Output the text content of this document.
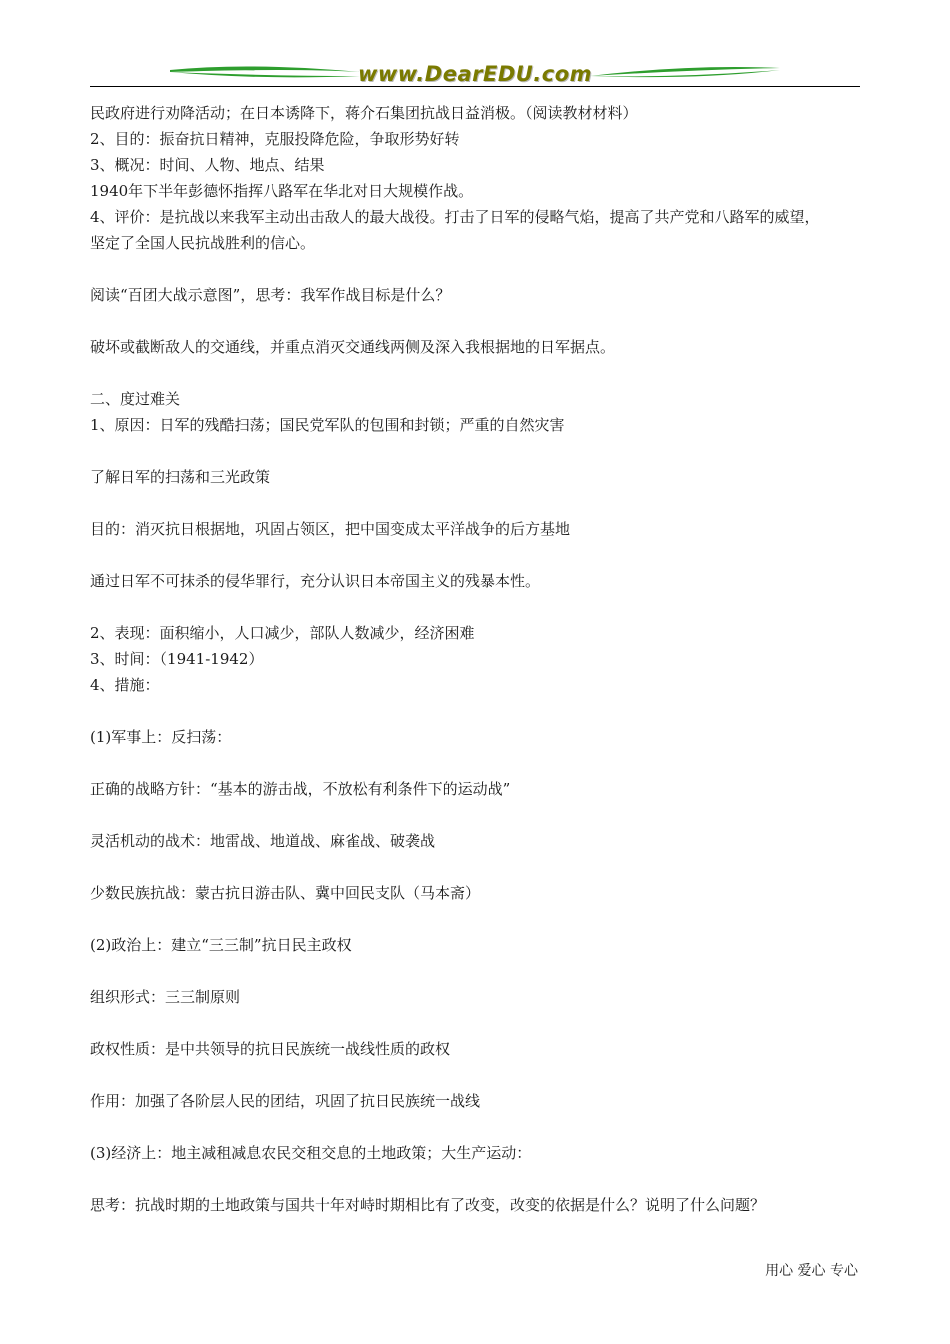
www.DearEDU.com
民政府进行劝降活动；在日本诱降下，蒋介石集团抗战日益消极。（阅读教材材料）
2、目的：振奋抗日精神，克服投降危险，争取形势好转
3、概况：时间、人物、地点、结果
1940年下半年彭德怀指挥八路军在华北对日大规模作战。
4、评价：是抗战以来我军主动出击敌人的最大战役。打击了日军的侵略气焰，提高了共产党和八路军的威望，
坚定了全国人民抗战胜利的信心。
阅读“百团大战示意图”，思考：我军作战目标是什么？
破坏或截断敌人的交通线，并重点消灭交通线两侧及深入我根据地的日军据点。
二、度过难关
1、原因：日军的残酷扫荡；国民党军队的包围和封锁；严重的自然灾害
了解日军的扫荡和三光政策
目的：消灭抗日根据地，巩固占领区，把中国变成太平洋战争的后方基地
通过日军不可抹杀的侵华罪行，充分认识日本帝国主义的残暴本性。
2、表现：面积缩小，人口减少，部队人数减少，经济困难
3、时间：（1941-1942）
4、措施：
(1)军事上：反扫荡：
正确的战略方针：“基本的游击战，不放松有利条件下的运动战”
灵活机动的战术：地雷战、地道战、麻雀战、破袭战
少数民族抗战：蒙古抗日游击队、冀中回民支队（马本斋）
(2)政治上：建立“三三制”抗日民主政权
组织形式：三三制原则
政权性质：是中共领导的抗日民族统一战线性质的政权
作用：加强了各阶层人民的团结，巩固了抗日民族统一战线
(3)经济上：地主减租减息农民交租交息的土地政策；大生产运动：
思考：抗战时期的土地政策与国共十年对峙时期相比有了改变，改变的依据是什么？说明了什么问题？
用心 爱心 专心
